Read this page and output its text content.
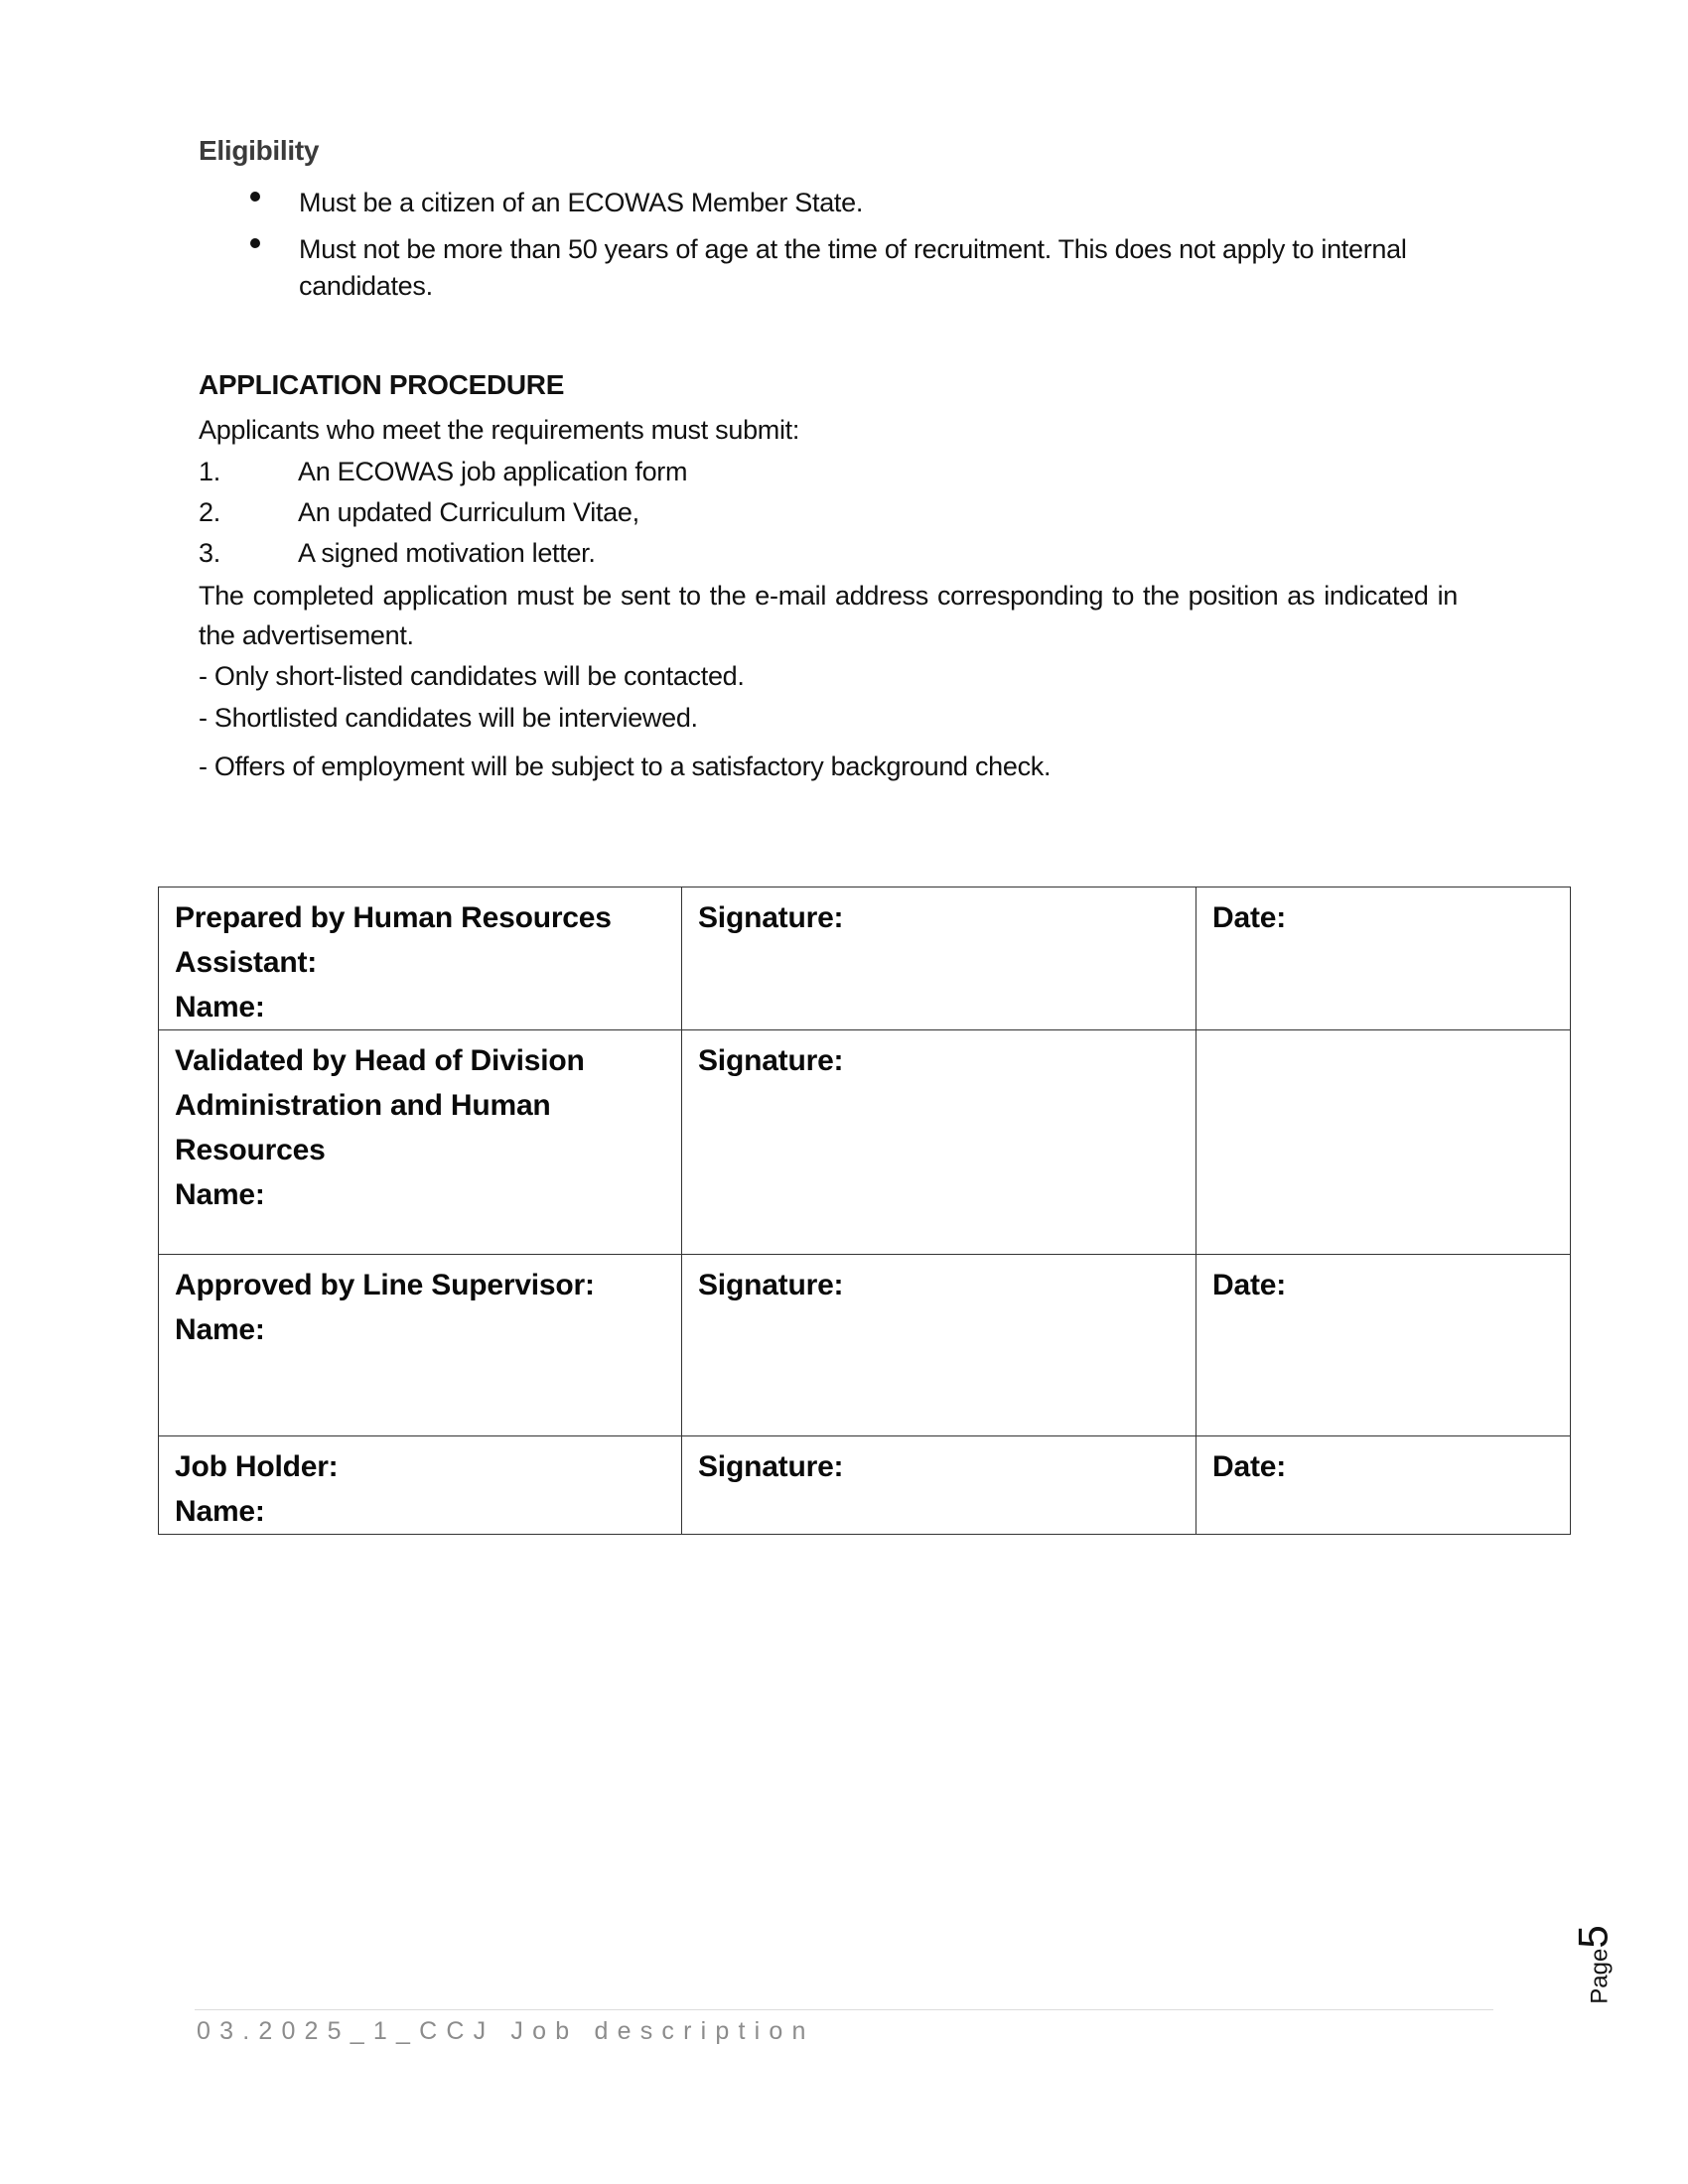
Eligibility
Must be a citizen of an ECOWAS Member State.
Must not be more than 50 years of age at the time of recruitment. This does not apply to internal
candidates.
APPLICATION PROCEDURE
Applicants who meet the requirements must submit:
1.	An ECOWAS job application form
2.	An updated Curriculum Vitae,
3.	A signed motivation letter.
The completed application must be sent to the e-mail address corresponding to the position as indicated in the advertisement.
- Only short-listed candidates will be contacted.
- Shortlisted candidates will be interviewed.
- Offers of employment will be subject to a satisfactory background check.
Prepared by Human Resources
Assistant:
Name:	Signature:	Date:

Validated by Head of Division
Administration and Human
Resources
Name:	Signature:	

Approved by Line Supervisor:
Name:	Signature:	Date:

Job Holder:
Name:	Signature:	Date:
Page5
03.2025_1_CCJ Job description
